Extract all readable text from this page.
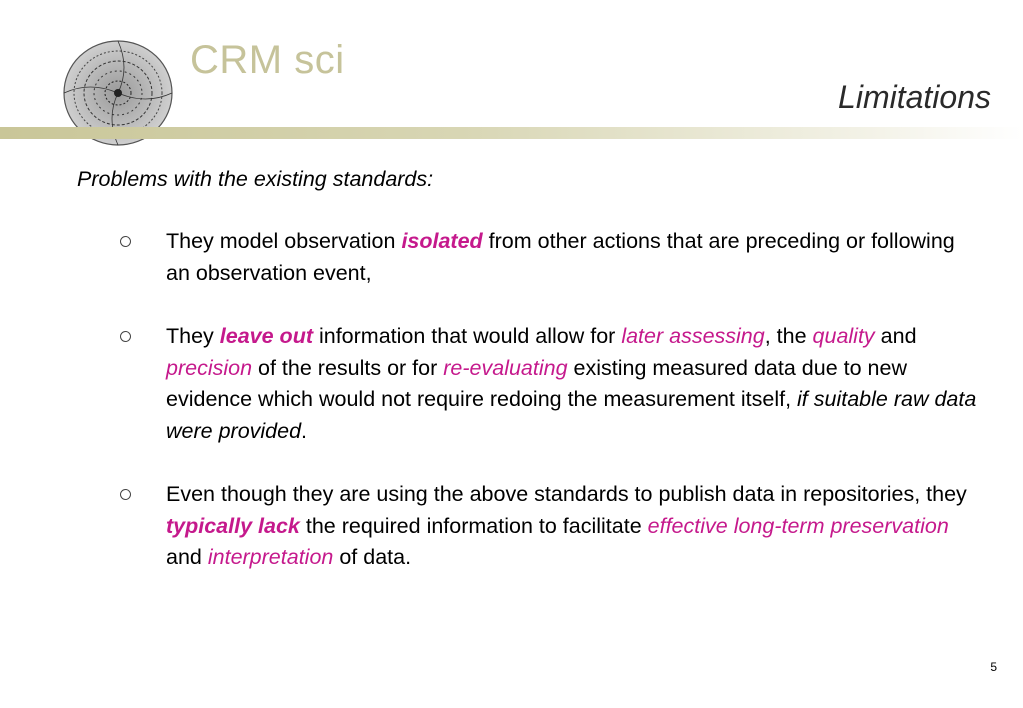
CRM sci
Limitations
Problems with the existing standards:
They model observation isolated from other actions that are preceding or following an observation event,
They leave out information that would allow for later assessing, the quality and precision of the results or for re-evaluating existing measured data due to new evidence which would not require redoing the measurement itself, if suitable raw data were provided.
Even though they are using the above standards to publish data in repositories, they typically lack the required information to facilitate effective long-term preservation and interpretation of data.
5
